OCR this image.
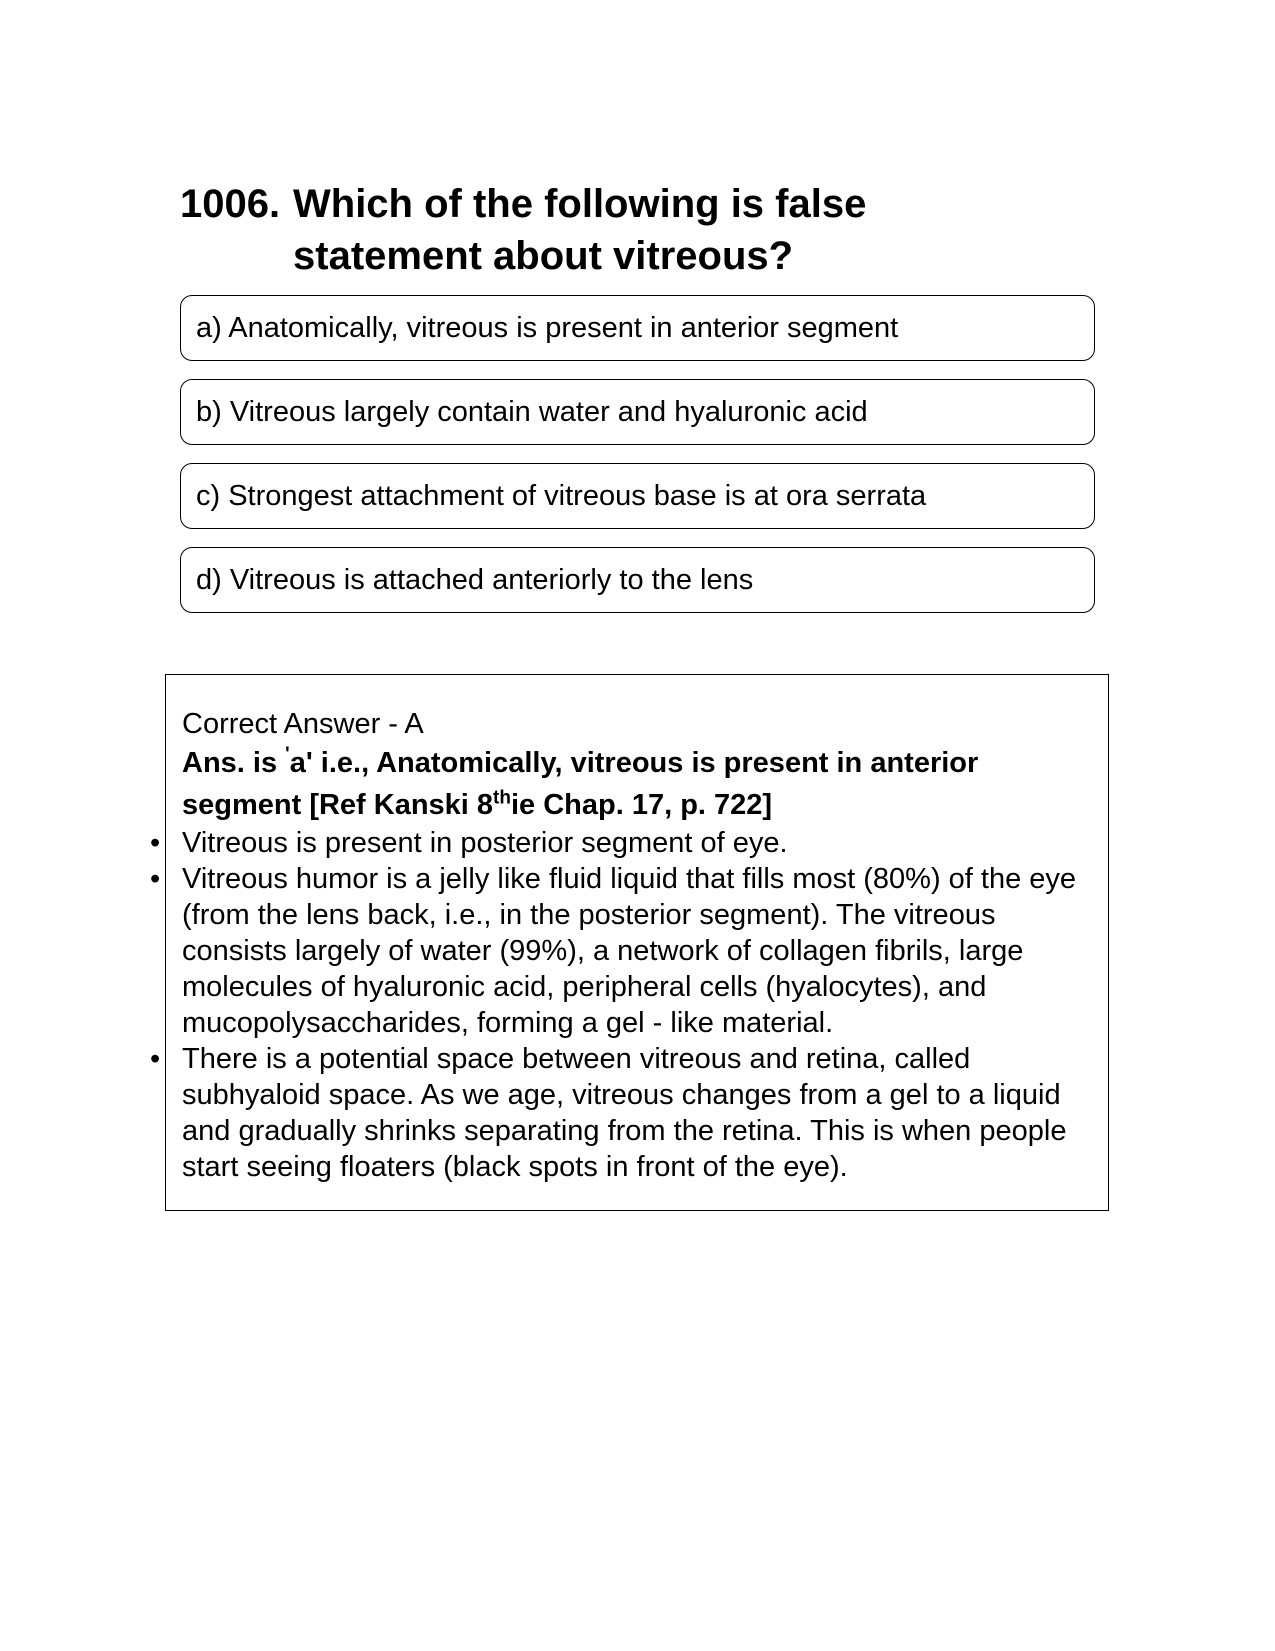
1006. Which of the following is false
statement about vitreous?
a) Anatomically, vitreous is present in anterior segment
b) Vitreous largely contain water and hyaluronic acid
c) Strongest attachment of vitreous base is at ora serrata
d) Vitreous is attached anteriorly to the lens
Correct Answer - A
Ans. is 'a' i.e., Anatomically, vitreous is present in anterior segment [Ref Kanski 8thie Chap. 17, p. 722]
• Vitreous is present in posterior segment of eye.
• Vitreous humor is a jelly like fluid liquid that fills most (80%) of the eye (from the lens back, i.e., in the posterior segment). The vitreous consists largely of water (99%), a network of collagen fibrils, large molecules of hyaluronic acid, peripheral cells (hyalocytes), and mucopolysaccharides, forming a gel - like material.
• There is a potential space between vitreous and retina, called subhyaloid space. As we age, vitreous changes from a gel to a liquid and gradually shrinks separating from the retina. This is when people start seeing floaters (black spots in front of the eye).
